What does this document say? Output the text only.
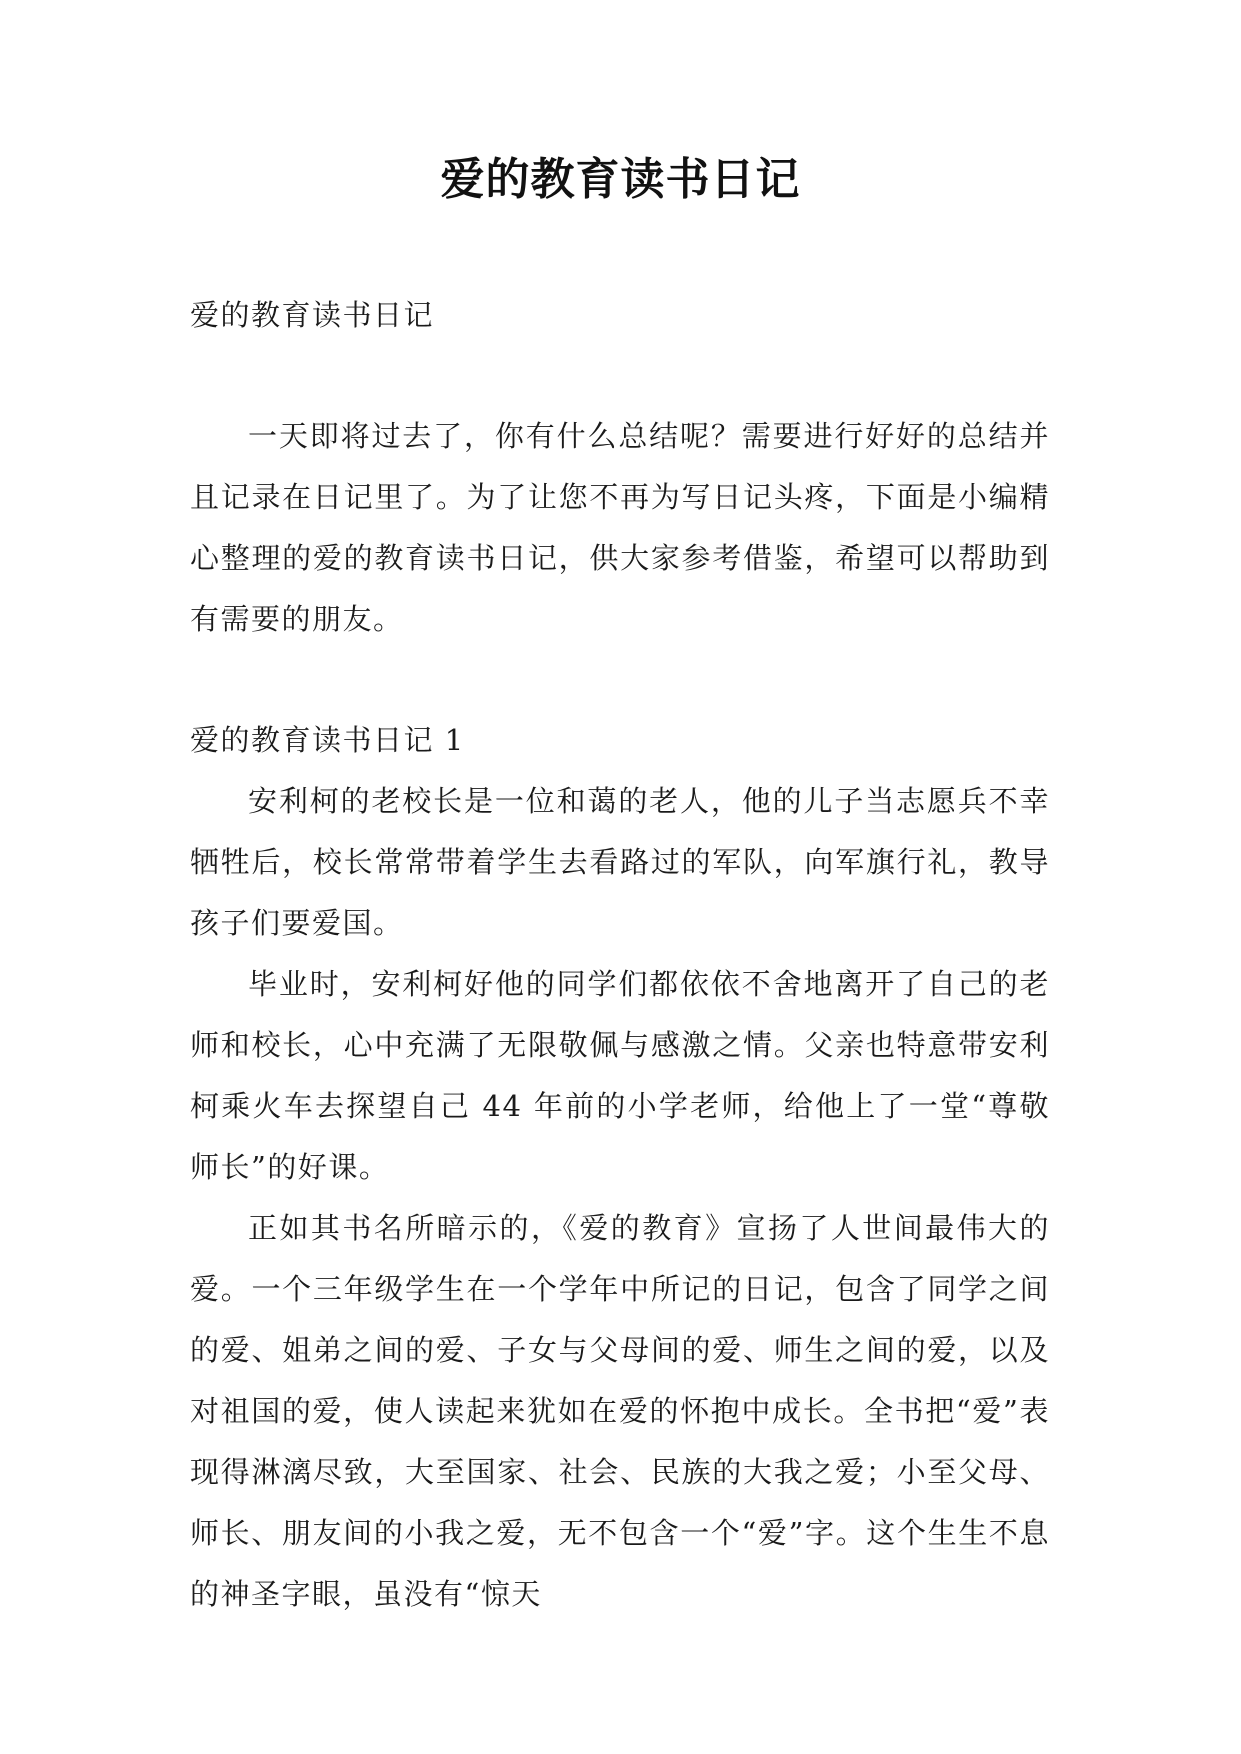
爱的教育读书日记

爱的教育读书日记

一天即将过去了，你有什么总结呢？需要进行好好的总结并且记录在日记里了。为了让您不再为写日记头疼，下面是小编精心整理的爱的教育读书日记，供大家参考借鉴，希望可以帮助到有需要的朋友。

爱的教育读书日记 1

安利柯的老校长是一位和蔼的老人，他的儿子当志愿兵不幸牺牲后，校长常常带着学生去看路过的军队，向军旗行礼，教导孩子们要爱国。

毕业时，安利柯好他的同学们都依依不舍地离开了自己的老师和校长，心中充满了无限敬佩与感激之情。父亲也特意带安利柯乘火车去探望自己 44 年前的小学老师，给他上了一堂“尊敬师长”的好课。

正如其书名所暗示的，《爱的教育》宣扬了人世间最伟大的爱。一个三年级学生在一个学年中所记的日记，包含了同学之间的爱、姐弟之间的爱、子女与父母间的爱、师生之间的爱，以及对祖国的爱，使人读起来犹如在爱的怀抱中成长。全书把“爱”表现得淋漓尽致，大至国家、社会、民族的大我之爱；小至父母、师长、朋友间的小我之爱，无不包含一个“爱”字。这个生生不息的神圣字眼，虽没有“惊天
